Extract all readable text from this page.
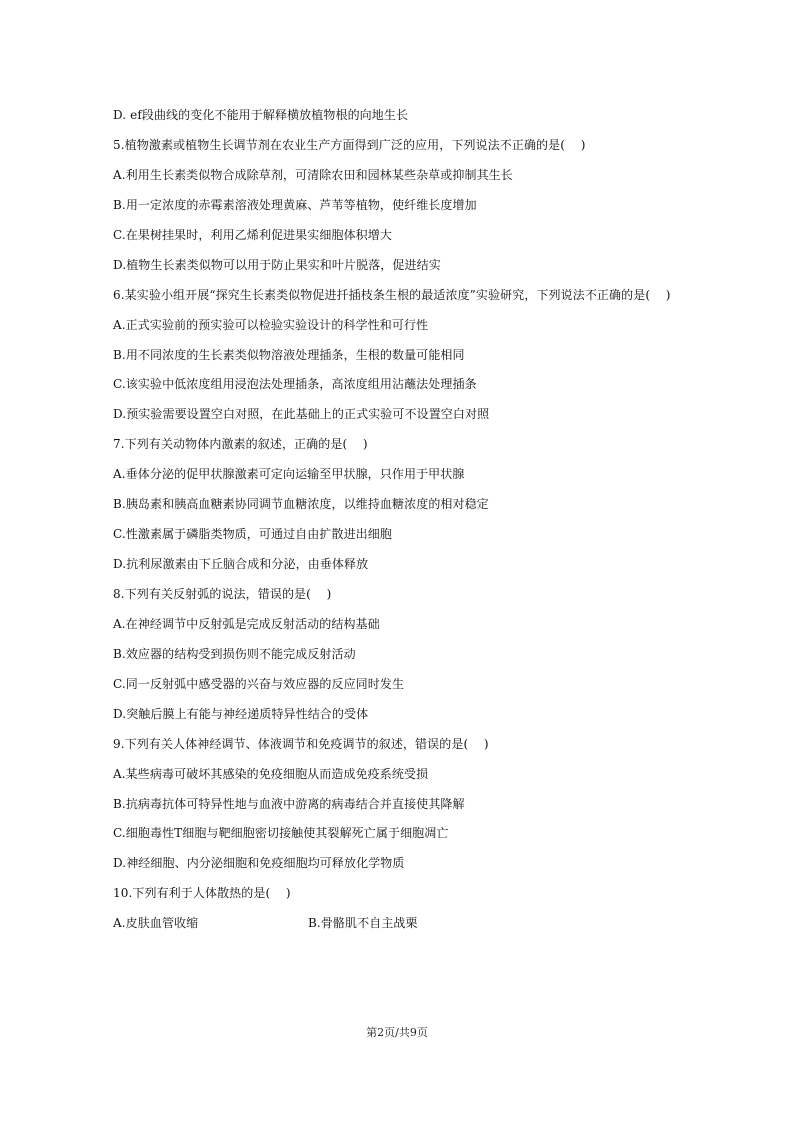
D. ef段曲线的变化不能用于解释横放植物根的向地生长
5.植物激素或植物生长调节剂在农业生产方面得到广泛的应用，下列说法不正确的是(    )
A.利用生长素类似物合成除草剂，可清除农田和园林某些杂草或抑制其生长
B.用一定浓度的赤霉素溶液处理黄麻、芦苇等植物，使纤维长度增加
C.在果树挂果时，利用乙烯利促进果实细胞体积增大
D.植物生长素类似物可以用于防止果实和叶片脱落，促进结实
6.某实验小组开展“探究生长素类似物促进扦插枝条生根的最适浓度”实验研究，下列说法不正确的是(    )
A.正式实验前的预实验可以检验实验设计的科学性和可行性
B.用不同浓度的生长素类似物溶液处理插条，生根的数量可能相同
C.该实验中低浓度组用浸泡法处理插条，高浓度组用沾蘸法处理插条
D.预实验需要设置空白对照，在此基础上的正式实验可不设置空白对照
7.下列有关动物体内激素的叙述，正确的是(    )
A.垂体分泌的促甲状腺激素可定向运输至甲状腺，只作用于甲状腺
B.胰岛素和胰高血糖素协同调节血糖浓度，以维持血糖浓度的相对稳定
C.性激素属于磷脂类物质，可通过自由扩散进出细胞
D.抗利尿激素由下丘脑合成和分泌，由垂体释放
8.下列有关反射弧的说法，错误的是(    )
A.在神经调节中反射弧是完成反射活动的结构基础
B.效应器的结构受到损伤则不能完成反射活动
C.同一反射弧中感受器的兴奋与效应器的反应同时发生
D.突触后膜上有能与神经递质特异性结合的受体
9.下列有关人体神经调节、体液调节和免疫调节的叙述，错误的是(    )
A.某些病毒可破坏其感染的免疫细胞从而造成免疫系统受损
B.抗病毒抗体可特异性地与血液中游离的病毒结合并直接使其降解
C.细胞毒性T细胞与靶细胞密切接触使其裂解死亡属于细胞凋亡
D.神经细胞、内分泌细胞和免疫细胞均可释放化学物质
10.下列有利于人体散热的是(    )
A.皮肤血管收缩	B.骨骼肌不自主战栗
第2页/共9页
